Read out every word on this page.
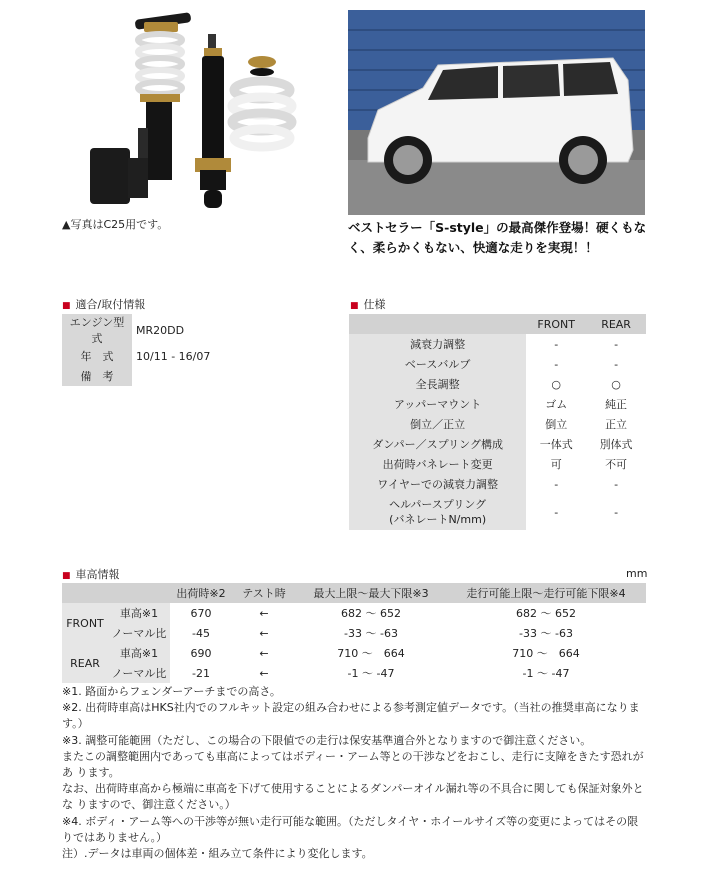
▲写真はC25用です。	ベストセラー「S-style」の最高傑作登場！硬くもなく、柔らかくもない、快適な走りを実現！！
■ 適合/取付情報
エンジン型式	MR20DD
年　式	10/11 - 16/07
備　考	
■ 仕様
	FRONT	REAR
減衰力調整	-	-
ベースバルブ	-	-
全長調整	○	○
アッパーマウント	ゴム	純正
倒立／正立	倒立	正立
ダンパー／スプリング構成	一体式	別体式
出荷時バネレート変更	可	不可
ワイヤーでの減衰力調整	-	-
ヘルパースプリング
(バネレートN/mm)	-	-
■ 車高情報	mm
		出荷時※2	テスト時	最大上限～最大下限※3	走行可能上限～走行可能下限※4
FRONT	車高※1	670	←	682 ～ 652	682 ～ 652
	ノーマル比	-45	←	-33 ～ -63	-33 ～ -63
REAR	車高※1	690	←	710 ～　664	710 ～　664
	ノーマル比	-21	←	-1 ～ -47	-1 ～ -47

※1. 路面からフェンダーアーチまでの高さ。

※2. 出荷時車高はHKS社内でのフルキット設定の組み合わせによる参考測定値データです。（当社の推奨車高になりま す。）

※3. 調整可能範囲（ただし、この場合の下限値での走行は保安基準適合外となりますので御注意ください。

またこの調整範囲内であっても車高によってはボディー・アーム等との干渉などをおこし、走行に支障をきたす恐れがあ ります。

なお、出荷時車高から極端に車高を下げて使用することによるダンパーオイル漏れ等の不具合に関しても保証対象外とな りますので、御注意ください。）

※4. ボディ・アーム等への干渉等が無い走行可能な範囲。（ただしタイヤ・ホイールサイズ等の変更によってはその限 りではありません。）

注）.データは車両の個体差・組み立て条件により変化します。
